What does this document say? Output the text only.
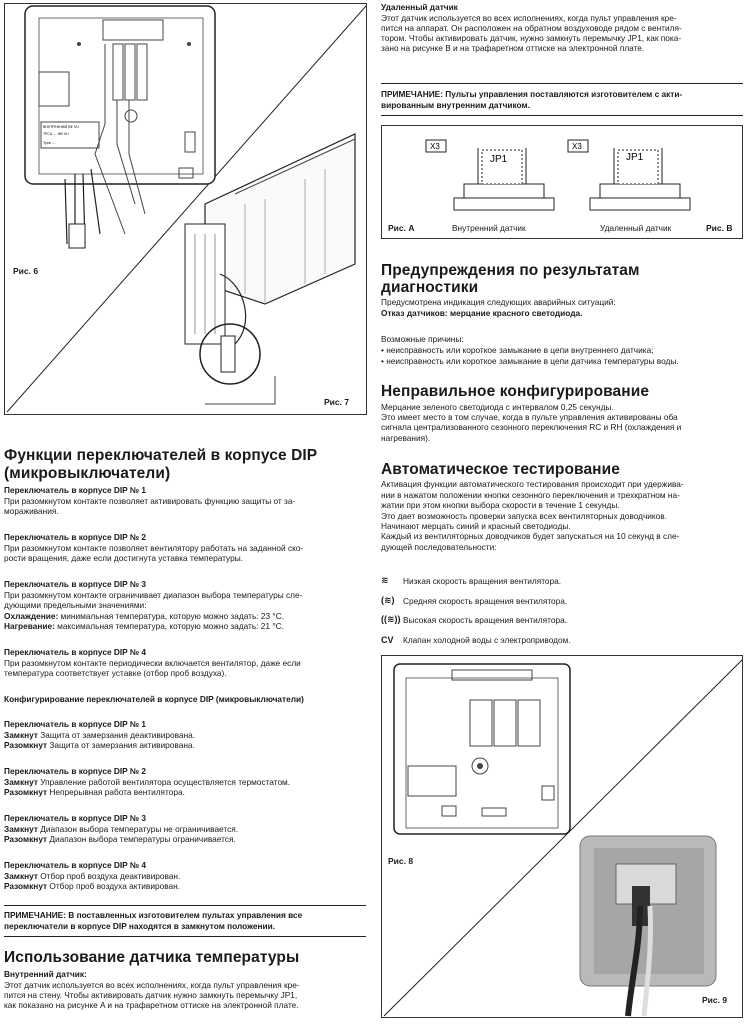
ВНУТРЕННИЙ ВЕ VU
ТРСА ... НВ VU
Type ...
Рис. 6
Рис. 7
Функции переключателей в корпусе DIP
(микровыключатели)
Переключатель в корпусе DIP № 1
При разомкнутом контакте позволяет активировать функцию защиты от за-
мораживания.
Переключатель в корпусе DIP № 2
При разомкнутом контакте позволяет вентилятору работать на заданной ско-
рости вращения, даже если достигнута уставка температуры.
Переключатель в корпусе DIP № 3
При разомкнутом контакте ограничивает диапазон выбора температуры сле-
дующими предельными значениями:
Охлаждение: минимальная температура, которую можно задать: 23 °C.
Нагревание: максимальная температура, которую можно задать: 21 °C.
Переключатель в корпусе DIP № 4
При разомкнутом контакте периодически включается вентилятор, даже если
температура соответствует уставке (отбор проб воздуха).
Конфигурирование переключателей в корпусе DIP (микровыключатели)
Переключатель в корпусе DIP № 1
Замкнут Защита от замерзания деактивирована.
Разомкнут Защита от замерзания активирована.
Переключатель в корпусе DIP № 2
Замкнут Управление работой вентилятора осуществляется термостатом.
Разомкнут Непрерывная работа вентилятора.
Переключатель в корпусе DIP № 3
Замкнут Диапазон выбора температуры не ограничивается.
Разомкнут Диапазон выбора температуры ограничивается.
Переключатель в корпусе DIP № 4
Замкнут Отбор проб воздуха деактивирован.
Разомкнут Отбор проб воздуха активирован.
ПРИМЕЧАНИЕ: В поставленных изготовителем пультах управления все
переключатели в корпусе DIP находятся в замкнутом положении.
Использование датчика температуры
Внутренний датчик:
Этот датчик используется во всех исполнениях, когда пульт управления кре-
пится на стену. Чтобы активировать датчик нужно замкнуть перемычку JP1,
как показано на рисунке A и на трафаретном оттиске на электронной плате.
Удаленный датчик
Этот датчик используется во всех исполнениях, когда пульт управления кре-
пится на аппарат. Он расположен на обратном воздуховоде рядом с вентиля-
тором. Чтобы активировать датчик, нужно замкнуть перемычку JP1, как пока-
зано на рисунке B и на трафаретном оттиске на электронной плате.
ПРИМЕЧАНИЕ: Пульты управления поставляются изготовителем с акти-
вированным внутренним датчиком.
X3
JP1
X3
JP1
Рис. A	Внутренний датчик	Удаленный датчик	Рис. B
Предупреждения по результатам
диагностики
Предусмотрена индикация следующих аварийных ситуаций:
Отказ датчиков: мерцание красного светодиода.
Возможные причины:
• неисправность или короткое замыкание в цепи внутреннего датчика;
• неисправность или короткое замыкание в цепи датчика температуры воды.
Неправильное конфигурирование
Мерцание зеленого светодиода с интервалом 0,25 секунды.
Это имеет место в том случае, когда в пульте управления активированы оба
сигнала централизованного сезонного переключения RC и RH (охлаждения и
нагревания).
Автоматическое тестирование
Активация функции автоматического тестирования происходит при удержива-
нии в нажатом положении кнопки сезонного переключения и трехкратном на-
жатии при этом кнопки выбора скорости в течение 1 секунды.
Это дает возможность проверки запуска всех вентиляторных доводчиков.
Начинают мерцать синий и красный светодиоды.
Каждый из вентиляторных доводчиков будет запускаться на 10 секунд в сле-
дующей последовательности:
≋	Низкая скорость вращения вентилятора.
(≋)	Средняя скорость вращения вентилятора.
((≋)) Высокая скорость вращения вентилятора.
CV	Клапан холодной воды с электроприводом.
Рис. 8
Рис. 9
